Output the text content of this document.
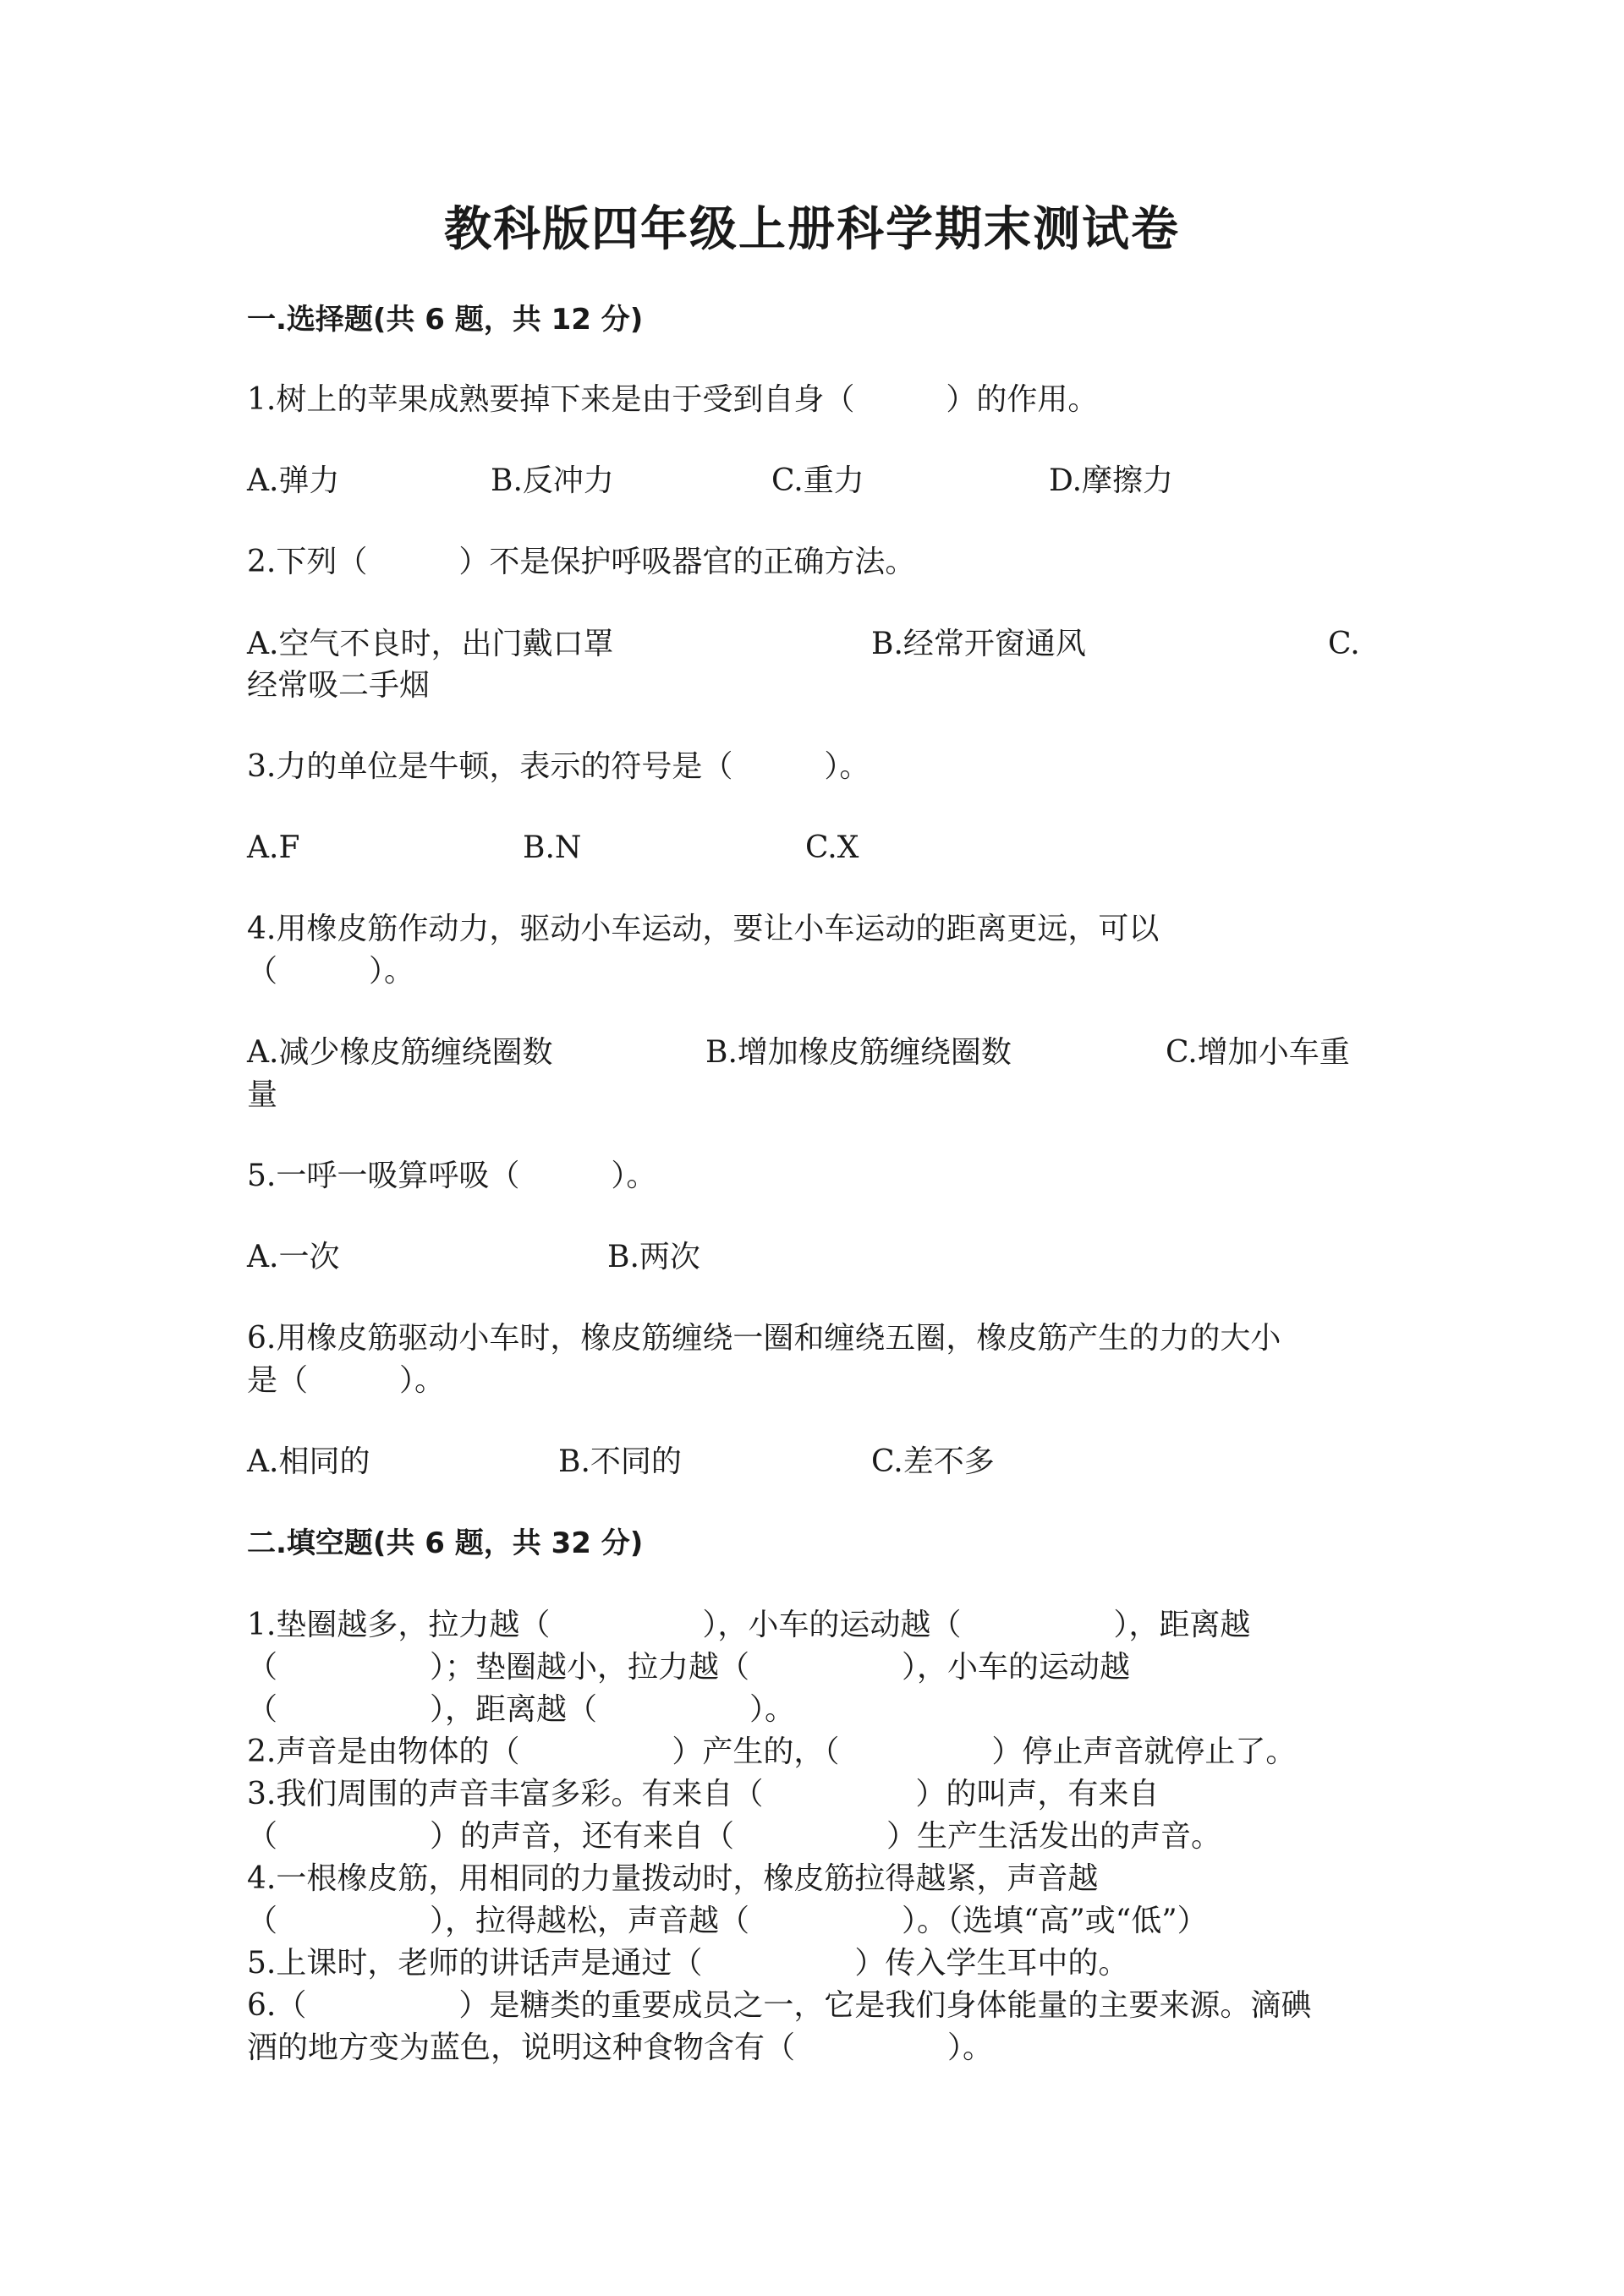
教科版四年级上册科学期末测试卷
一.选择题(共 6 题，共 12 分)
1.树上的苹果成熟要掉下来是由于受到自身（　　　）的作用。
A.弹力	B.反冲力	C.重力	D.摩擦力
2.下列（　　　）不是保护呼吸器官的正确方法。
A.空气不良时，出门戴口罩	B.经常开窗通风	C.
经常吸二手烟
3.力的单位是牛顿，表示的符号是（　　　）。
A.F	B.N	C.X
4.用橡皮筋作动力，驱动小车运动，要让小车运动的距离更远，可以
（　　　）。
A.减少橡皮筋缠绕圈数	B.增加橡皮筋缠绕圈数	C.增加小车重
量
5.一呼一吸算呼吸（　　　）。
A.一次	B.两次
6.用橡皮筋驱动小车时，橡皮筋缠绕一圈和缠绕五圈，橡皮筋产生的力的大小
是（　　　）。
A.相同的	B.不同的	C.差不多
二.填空题(共 6 题，共 32 分)
1.垫圈越多，拉力越（　　　　　），小车的运动越（　　　　　），距离越
（　　　　　）；垫圈越小，拉力越（　　　　　），小车的运动越
（　　　　　），距离越（　　　　　）。
2.声音是由物体的（　　　　　）产生的，（　　　　　）停止声音就停止了。
3.我们周围的声音丰富多彩。有来自（　　　　　）的叫声，有来自
（　　　　　）的声音，还有来自（　　　　　）生产生活发出的声音。
4.一根橡皮筋，用相同的力量拨动时，橡皮筋拉得越紧，声音越
（　　　　　），拉得越松，声音越（　　　　　）。（选填“高”或“低”）
5.上课时，老师的讲话声是通过（　　　　　）传入学生耳中的。
6.（　　　　　）是糖类的重要成员之一，它是我们身体能量的主要来源。滴碘
酒的地方变为蓝色，说明这种食物含有（　　　　　）。
